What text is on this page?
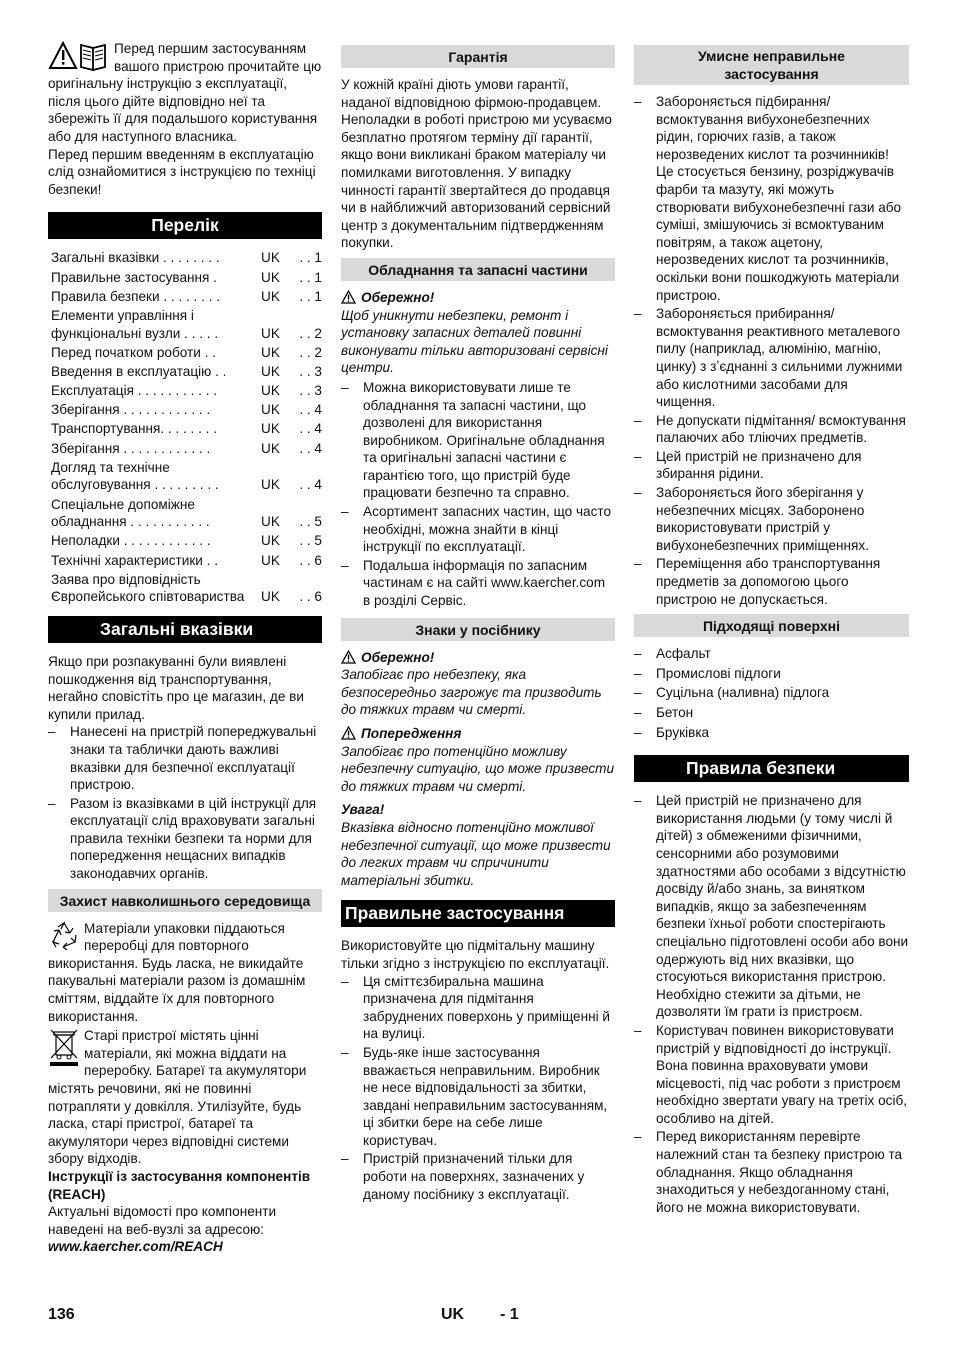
Перед першим застосуванням вашого пристрою прочитайте цю оригінальну інструкцію з експлуатації, після цього дійте відповідно неї та збережіть її для подальшого користування або для наступного власника.

Перед першим введенням в експлуатацію слід ознайомитися з інструкцією по техніці безпеки!

Перелік
Загальні вказівки . . . . . . . .	UK	. . 1
Правильне застосування .	UK	. . 1
Правила безпеки . . . . . . . .	UK	. . 1
Елементи управління і функціональні вузли . . . . .	UK	. . 2
Перед початком роботи . .	UK	. . 2
Введення в експлуатацію . .	UK	. . 3
Експлуатація . . . . . . . . . . .	UK	. . 3
Зберігання . . . . . . . . . . . .	UK	. . 4
Транспортування. . . . . . . .	UK	. . 4
Зберігання . . . . . . . . . . . .	UK	. . 4
Догляд та технічне обслуговування . . . . . . . . .	UK	. . 4
Спеціальне допоміжне обладнання . . . . . . . . . . .	UK	. . 5
Неполадки . . . . . . . . . . . .	UK	. . 5
Технічні характеристики . .	UK	. . 6
Заява про відповідність Європейського співтовариства	UK	. . 6
Загальні вказівки

Якщо при розпакуванні були виявлені пошкодження від транспортування, негайно сповістіть про це магазин, де ви купили прилад.

– Нанесені на пристрій попереджувальні знаки та таблички дають важливі вказівки для безпечної експлуатації пристрою.
– Разом із вказівками в цій інструкції для експлуатації слід враховувати загальні правила техніки безпеки та норми для попередження нещасних випадків законодавчих органів.
Захист навколишнього середовища

Матеріали упаковки піддаються переробці для повторного використання. Будь ласка, не викидайте пакувальні матеріали разом із домашнім сміттям, віддайте їх для повторного використання.

Старі пристрої містять цінні матеріали, які можна віддати на переробку. Батареї та акумулятори містять речовини, які не повинні потрапляти у довкілля. Утилізуйте, будь ласка, старі пристрої, батареї та акумулятори через відповідні системи збору відходів.

Інструкції із застосування компонентів (REACH)

Актуальні відомості про компоненти наведені на веб-вузлі за адресою:

www.kaercher.com/REACH

Гарантія

У кожній країні діють умови гарантії, наданої відповідною фірмою-продавцем. Неполадки в роботі пристрою ми усуваємо безплатно протягом терміну дії гарантії, якщо вони викликані браком матеріалу чи помилками виготовлення. У випадку чинності гарантії звертайтеся до продавця чи в найближчий авторизований сервісний центр з документальним підтвердженням покупки.

Обладнання та запасні частини

Обережно!

Щоб уникнути небезпеки, ремонт і установку запасних деталей повинні виконувати тільки авторизовані сервісні центри.

– Можна використовувати лише те обладнання та запасні частини, що дозволені для використання виробником. Оригінальне обладнання та оригінальні запасні частини є гарантією того, що пристрій буде працювати безпечно та справно.
– Асортимент запасних частин, що часто необхідні, можна знайти в кінці інструкції по експлуатації.
– Подальша інформація по запасним частинам є на сайті www.kaercher.com в розділі Сервіс.
Знаки у посібнику

Обережно!

Запобігає про небезпеку, яка безпосередньо загрожує та призводить до тяжких травм чи смерті.

Попередження

Запобігає про потенційно можливу небезпечну ситуацію, що може призвести до тяжких травм чи смерті.

Увага!

Вказівка відносно потенційно можливої небезпечної ситуації, що може призвести до легких травм чи спричинити матеріальні збитки.

Правильне застосування

Використовуйте цю підмітальну машину тільки згідно з інструкцією по експлуатації.

– Ця сміттєзбиральна машина призначена для підмітання забруднених поверхонь у приміщенні й на вулиці.
– Будь-яке інше застосування вважається неправильним. Виробник не несе відповідальності за збитки, завдані неправильним застосуванням, ці збитки бере на себе лише користувач.
– Пристрій призначений тільки для роботи на поверхнях, зазначених у даному посібнику з експлуатації.
Умисне неправильне застосування
– Забороняється підбирання/ всмоктування вибухонебезпечних рідин, горючих газів, а також нерозведених кислот та розчинників! Це стосується бензину, розріджувачів фарби та мазуту, які можуть створювати вибухонебезпечні гази або суміші, змішуючись зі всмоктуваним повітрям, а також ацетону, нерозведених кислот та розчинників, оскільки вони пошкоджують матеріали пристрою.
– Забороняється прибирання/ всмоктування реактивного металевого пилу (наприклад, алюмінію, магнію, цинку) з зʼєднанні з сильними лужними або кислотними засобами для чищення.
– Не допускати підмітання/ всмоктування палаючих або тліючих предметів.
– Цей пристрій не призначено для збирання рідини.
– Забороняється його зберігання у небезпечних місцях. Заборонено використовувати пристрій у вибухонебезпечних приміщеннях.
– Переміщення або транспортування предметів за допомогою цього пристрою не допускається.
Підходящі поверхні
– Асфальт
– Промислові підлоги
– Суцільна (наливна) підлога
– Бетон
– Бруківка
Правила безпеки
– Цей пристрій не призначено для використання людьми (у тому числі й дітей) з обмеженими фізичними, сенсорними або розумовими здатностями або особами з відсутністю досвіду й/або знань, за винятком випадків, якщо за забезпеченням безпеки їхньої роботи спостерігають спеціально підготовлені особи або вони одержують від них вказівки, що стосуються використання пристрою. Необхідно стежити за дітьми, не дозволяти їм грати із пристроєм.
– Користувач повинен використовувати пристрій у відповідності до інструкції. Вона повинна враховувати умови місцевості, під час роботи з пристроєм необхідно звертати увагу на третіх осіб, особливо на дітей.
– Перед використанням перевірте належний стан та безпеку пристрою та обладнання. Якщо обладнання знаходиться у небездоганному стані, його не можна використовувати.
136	UK - 1
